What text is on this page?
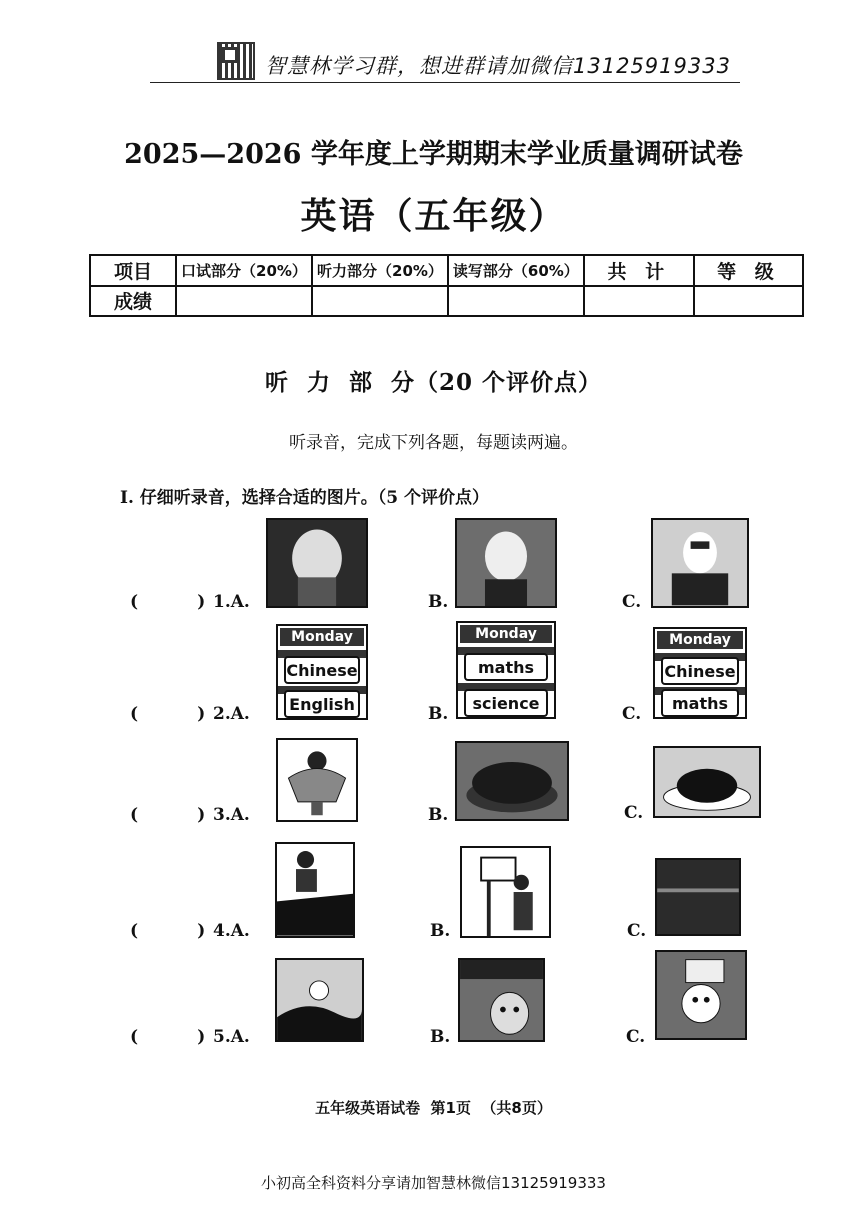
智慧林学习群，想进群请加微信13125919333
2025—2026 学年度上学期期末学业质量调研试卷
英语（五年级）
项目	口试部分（20%）	听力部分（20%）	读写部分（60%）	共 计	等 级
成绩					
听  力  部  分（20 个评价点）
听录音，完成下列各题，每题读两遍。
I. 仔细听录音，选择合适的图片。（5 个评价点）
(          ) 1.A.	B.	C.
(          ) 2.A.
Monday
Chinese
English	B.
Monday
maths
science
C.
Monday
Chinese
maths
(          ) 3.A.	B.	C.
(          ) 4.A.	B.	C.
(          ) 5.A.	B.	C.
五年级英语试卷  第1页  （共8页）
小初高全科资料分享请加智慧林微信13125919333
